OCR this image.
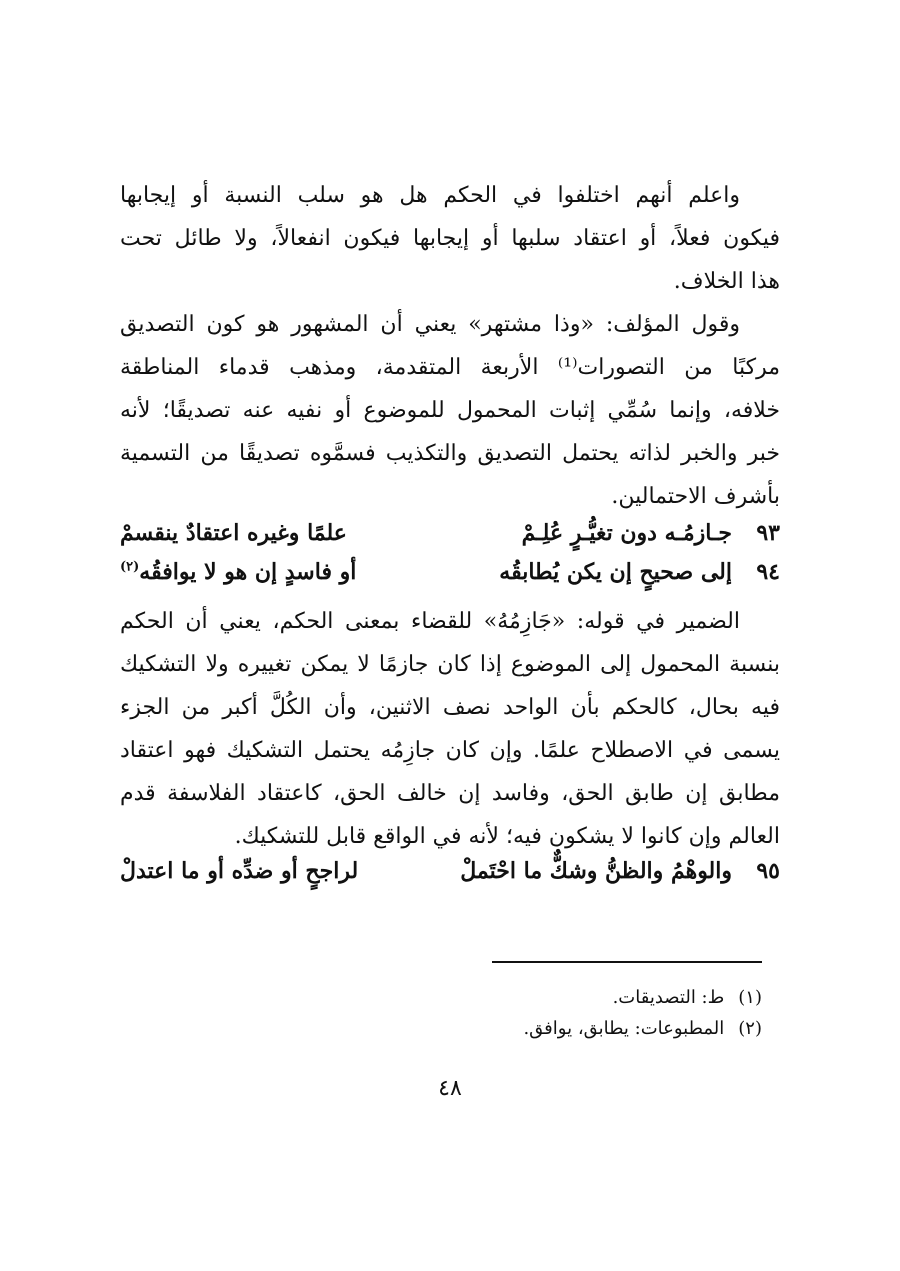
واعلم أنهم اختلفوا في الحكم هل هو سلب النسبة أو إيجابها
فيكون فعلاً، أو اعتقاد سلبها أو إيجابها فيكون انفعالاً، ولا طائل تحت
هذا الخلاف.

وقول المؤلف: «وذا مشتهر» يعني أن المشهور هو كون التصديق
مركبًا من التصورات⁽¹⁾ الأربعة المتقدمة، ومذهب قدماء المناطقة
خلافه، وإنما سُمِّي إثبات المحمول للموضوع أو نفيه عنه تصديقًا؛ لأنه
خبر والخبر لذاته يحتمل التصديق والتكذيب فسمَّوه تصديقًا من التسمية
بأشرف الاحتمالين.

٩٣
جـازمُـه دون تغيُّـرٍ عُلِـمْ
علمًا وغيره اعتقادٌ ينقسمْ
٩٤
إلى صحيحٍ إن يكن يُطابقُه
أو فاسدٍ إن هو لا يوافقُه$^{(٢)}$

الضمير في قوله: «جَازِمُهُ» للقضاء بمعنى الحكم، يعني أن الحكم
بنسبة المحمول إلى الموضوع إذا كان جازمًا لا يمكن تغييره ولا التشكيك
فيه بحال، كالحكم بأن الواحد نصف الاثنين، وأن الكُلَّ أكبر من الجزء
يسمى في الاصطلاح علمًا. وإن كان جازِمُه يحتمل التشكيك فهو اعتقاد
مطابق إن طابق الحق، وفاسد إن خالف الحق، كاعتقاد الفلاسفة قدم
العالم وإن كانوا لا يشكون فيه؛ لأنه في الواقع قابل للتشكيك.

٩٥
والوهْمُ والظنُّ وشكٌّ ما احْتَملْ
لراجحٍ أو ضدِّه أو ما اعتدلْ
(١)ط: التصديقات.
(٢)المطبوعات: يطابق، يوافق.
٤٨
